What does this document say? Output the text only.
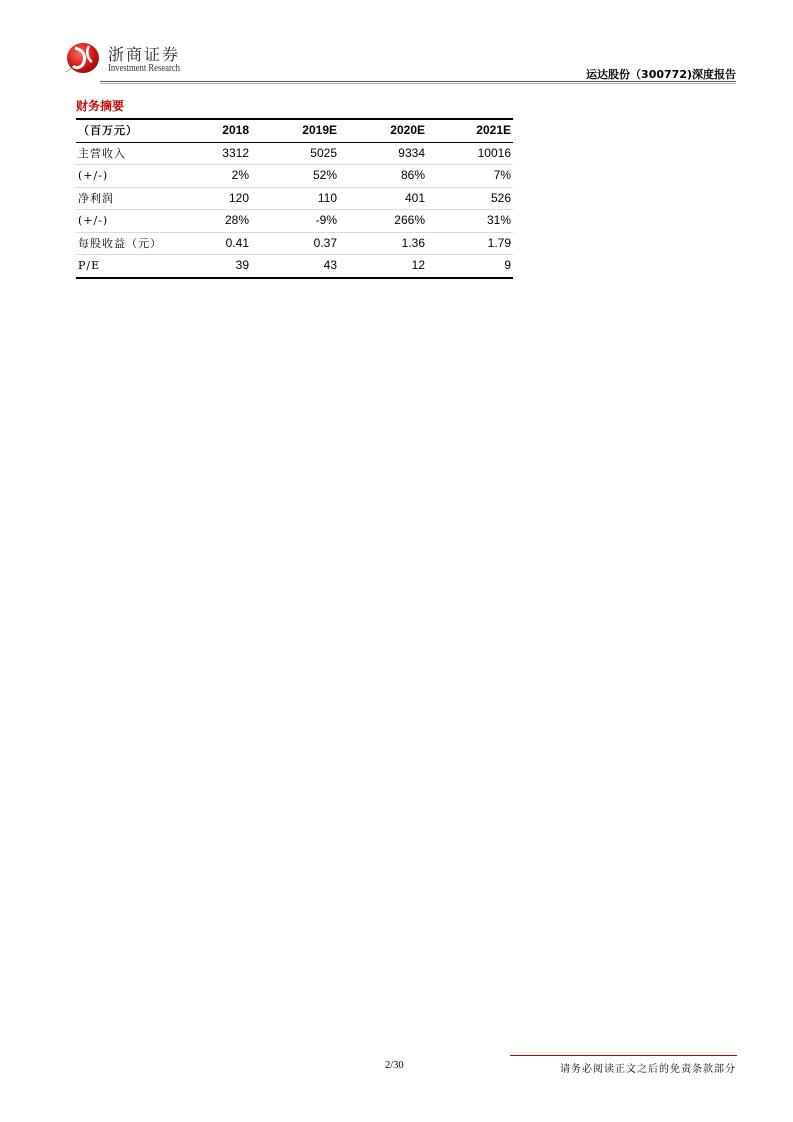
浙商证券
Investment Research	运达股份（300772)深度报告
财务摘要
（百万元）	2018	2019E	2020E	2021E
主营收入	3312	5025	9334	10016
(+/-)	2%	52%	86%	7%
净利润	120	110	401	526
(+/-)	28%	-9%	266%	31%
每股收益（元）	0.41	0.37	1.36	1.79
P/E	39	43	12	9
2/30	请务必阅读正文之后的免责条款部分
